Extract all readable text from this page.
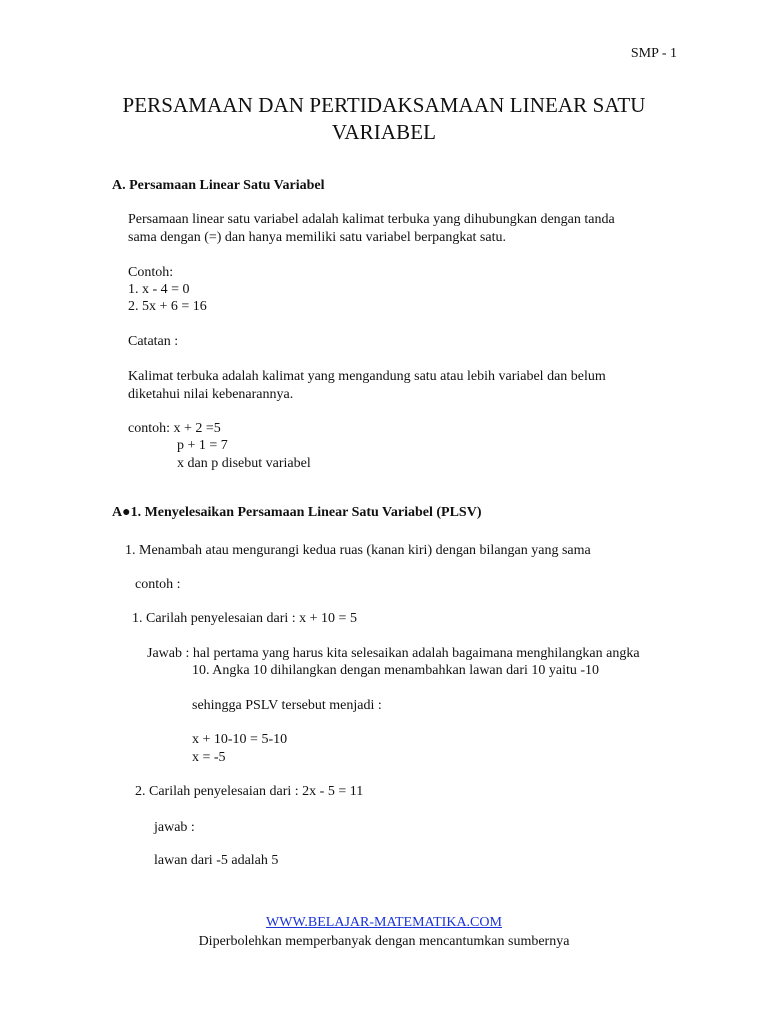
SMP - 1
PERSAMAAN DAN PERTIDAKSAMAAN LINEAR SATU
VARIABEL
A. Persamaan Linear Satu Variabel
Persamaan linear satu variabel adalah kalimat terbuka yang dihubungkan dengan tanda
sama dengan (=) dan hanya memiliki satu variabel berpangkat satu.
Contoh:
1. x - 4 = 0
2. 5x + 6 = 16
Catatan :
Kalimat terbuka adalah kalimat yang mengandung satu atau lebih variabel dan belum
diketahui nilai kebenarannya.
contoh: x + 2 =5
p + 1 = 7
x dan p disebut variabel
A●1. Menyelesaikan Persamaan Linear Satu Variabel (PLSV)
1. Menambah atau mengurangi kedua ruas (kanan kiri) dengan bilangan yang sama
contoh :
1. Carilah penyelesaian dari : x + 10 = 5
Jawab : hal pertama yang harus kita selesaikan adalah bagaimana menghilangkan angka
10. Angka 10 dihilangkan dengan menambahkan lawan dari 10 yaitu -10
sehingga PSLV tersebut menjadi :
x + 10-10 = 5-10
x = -5
2. Carilah penyelesaian dari : 2x - 5 = 11
jawab :
lawan dari -5 adalah 5
WWW.BELAJAR-MATEMATIKA.COM
Diperbolehkan memperbanyak dengan mencantumkan sumbernya
